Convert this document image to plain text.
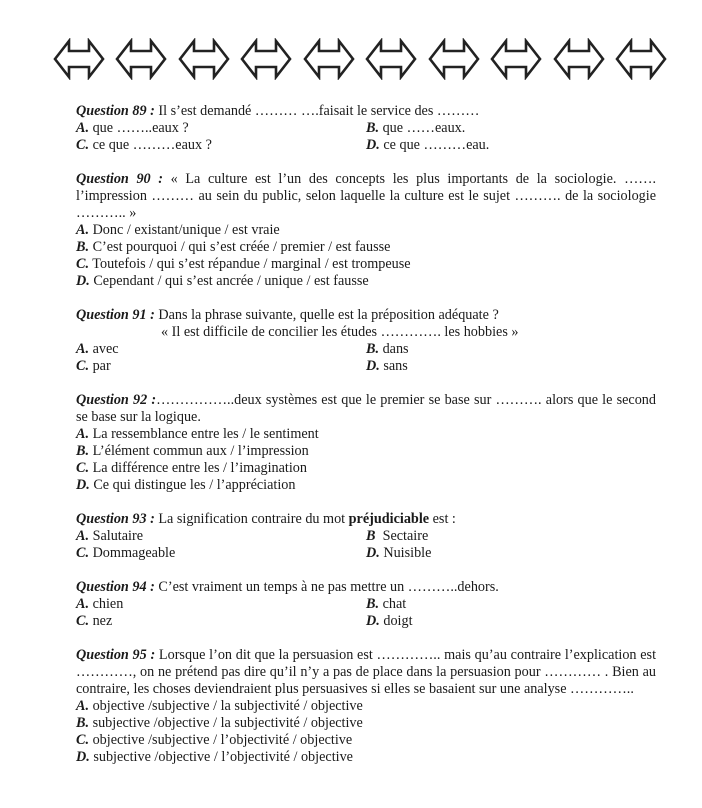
Question 89 : Il s’est demandé ……… ….faisait le service des ………
A. que ……..eaux ?	B. que ……eaux.
C. ce que ………eaux ?	D. ce que ………eau.
Question 90 : « La culture est l’un des concepts les plus importants de la sociologie. ……. l’impression ……… au sein du public, selon laquelle la culture est le sujet ………. de la sociologie ……….. »
A. Donc / existant/unique / est vraie
B. C’est pourquoi / qui s’est créée / premier / est fausse
C. Toutefois / qui s’est répandue / marginal / est trompeuse
D. Cependant / qui s’est ancrée / unique / est fausse
Question 91 : Dans la phrase suivante, quelle est la préposition adéquate ?
« Il est difficile de concilier les études …………. les hobbies »
A. avec	B. dans
C. par	D. sans
Question 92 :……………..deux systèmes est que le premier se base sur ………. alors que le second se base sur la logique.
A. La ressemblance entre les / le sentiment
B. L’élément commun aux / l’impression
C. La différence entre les / l’imagination
D. Ce qui distingue les / l’appréciation
Question 93 : La signification contraire du mot préjudiciable est :
A. Salutaire	B  Sectaire
C. Dommageable	D. Nuisible
Question 94 : C’est vraiment un temps à ne pas mettre un ………..dehors.
A. chien	B. chat
C. nez	D. doigt
Question 95 : Lorsque l’on dit que la persuasion est ………….. mais qu’au contraire l’explication est …………, on ne prétend pas dire qu’il n’y a pas de place dans la persuasion pour ………… . Bien au contraire, les choses deviendraient plus persuasives si elles se basaient sur une analyse …………..
A. objective /subjective / la subjectivité / objective
B. subjective /objective / la subjectivité / objective
C. objective /subjective / l’objectivité / objective
D. subjective /objective / l’objectivité / objective
